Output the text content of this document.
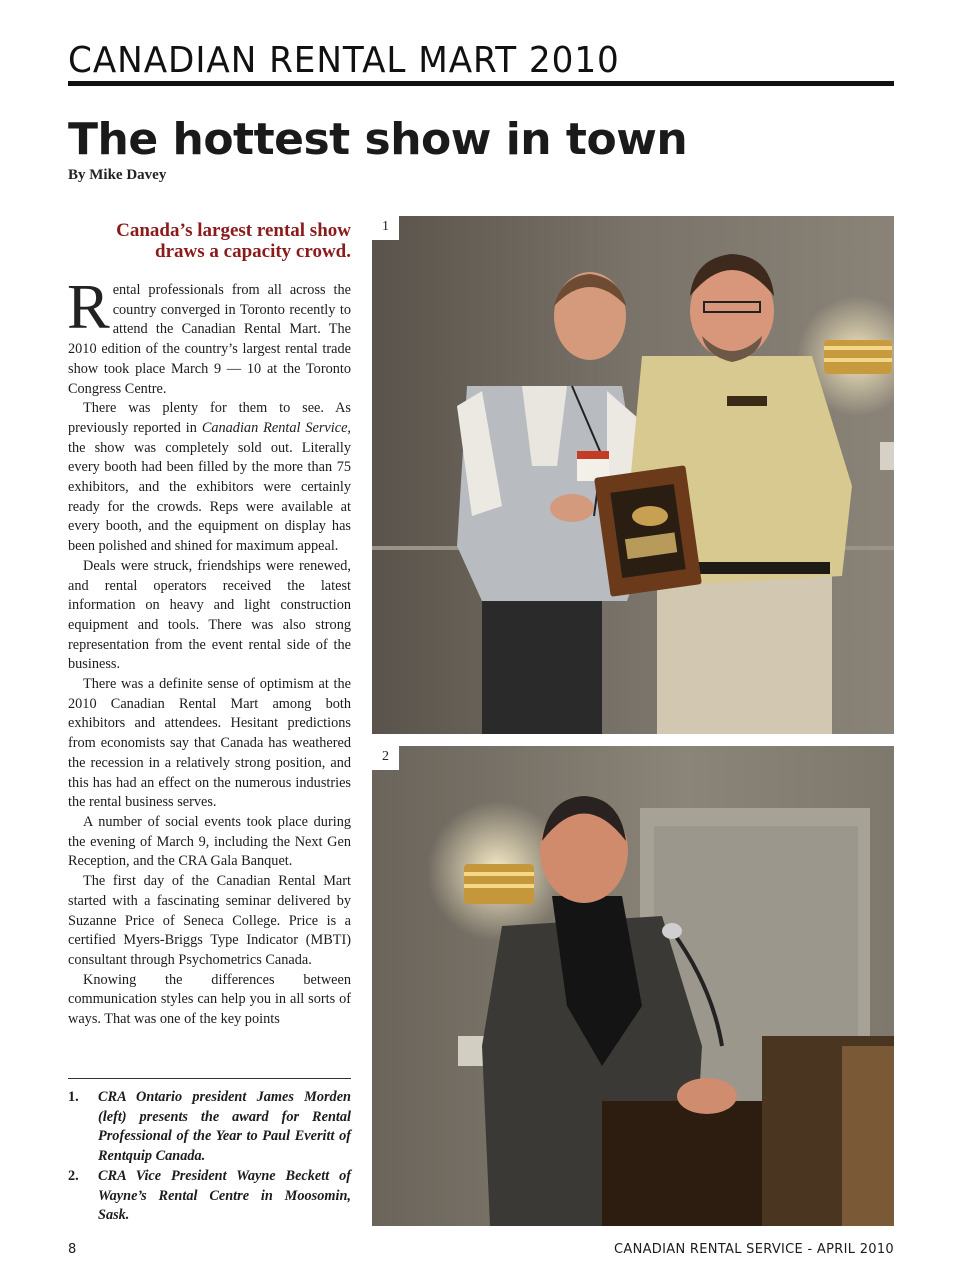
CANADIAN RENTAL MART 2010
The hottest show in town
By Mike Davey
Canada’s largest rental show draws a capacity crowd.

Rental professionals from all across the country converged in Toronto recently to attend the Canadian Rental Mart. The 2010 edition of the country’s largest rental trade show took place March 9 — 10 at the Toronto Congress Centre.

There was plenty for them to see. As previously reported in Canadian Rental Service, the show was completely sold out. Literally every booth had been filled by the more than 75 exhibitors, and the exhibitors were certainly ready for the crowds. Reps were available at every booth, and the equipment on display has been polished and shined for maximum appeal.

Deals were struck, friendships were renewed, and rental operators received the latest information on heavy and light construction equipment and tools. There was also strong representation from the event rental side of the business.

There was a definite sense of optimism at the 2010 Canadian Rental Mart among both exhibitors and attendees. Hesitant predictions from economists say that Canada has weathered the recession in a relatively strong position, and this has had an effect on the numerous industries the rental business serves.

A number of social events took place during the evening of March 9, including the Next Gen Reception, and the CRA Gala Banquet.

The first day of the Canadian Rental Mart started with a fascinating seminar delivered by Suzanne Price of Seneca College. Price is a certified Myers-Briggs Type Indicator (MBTI) consultant through Psychometrics Canada.

Knowing the differences between communication styles can help you in all sorts of ways. That was one of the key points

1.	CRA Ontario president James Morden (left) presents the award for Rental Professional of the Year to Paul Everitt of Rentquip Canada.
2.	CRA Vice President Wayne Beckett of Wayne’s Rental Centre in Moosomin, Sask.
1
2
8	CANADIAN RENTAL SERVICE - APRIL 2010
